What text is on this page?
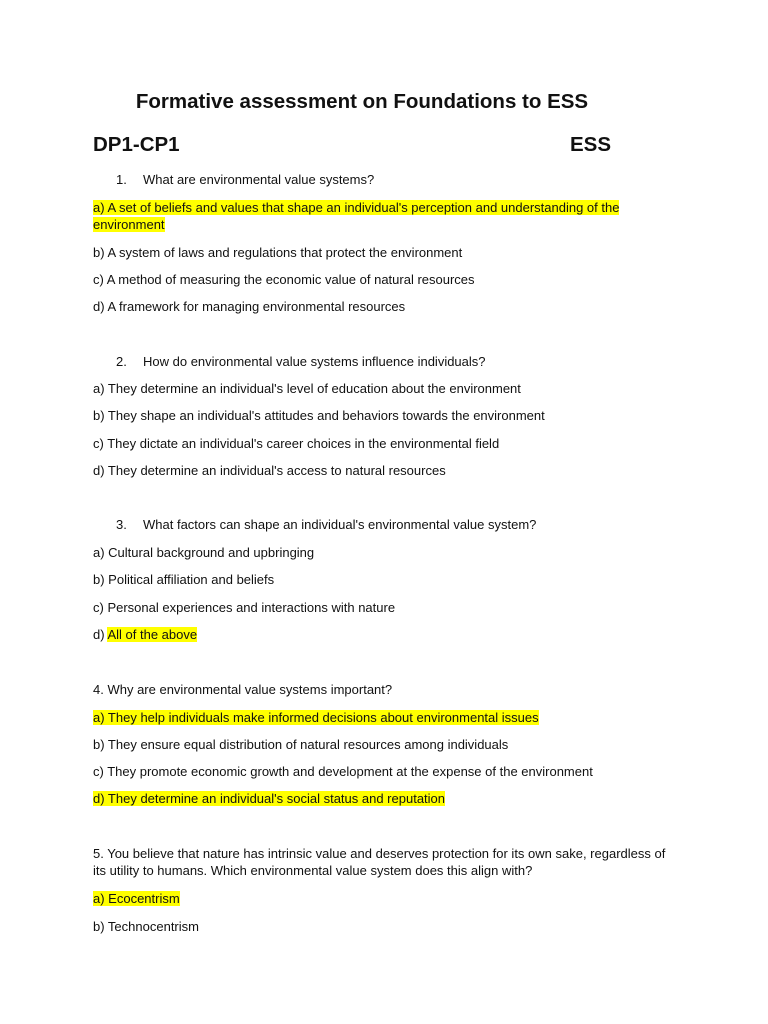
Formative assessment on Foundations to ESS
DP1-CP1	ESS
1. What are environmental value systems?
a) A set of beliefs and values that shape an individual's perception and understanding of the environment
b) A system of laws and regulations that protect the environment
c) A method of measuring the economic value of natural resources
d) A framework for managing environmental resources
2. How do environmental value systems influence individuals?
a) They determine an individual's level of education about the environment
b) They shape an individual's attitudes and behaviors towards the environment
c) They dictate an individual's career choices in the environmental field
d) They determine an individual's access to natural resources
3. What factors can shape an individual's environmental value system?
a) Cultural background and upbringing
b) Political affiliation and beliefs
c) Personal experiences and interactions with nature
d) All of the above
4. Why are environmental value systems important?
a) They help individuals make informed decisions about environmental issues
b) They ensure equal distribution of natural resources among individuals
c) They promote economic growth and development at the expense of the environment
d) They determine an individual's social status and reputation
5. You believe that nature has intrinsic value and deserves protection for its own sake, regardless of its utility to humans. Which environmental value system does this align with?
a) Ecocentrism
b) Technocentrism
